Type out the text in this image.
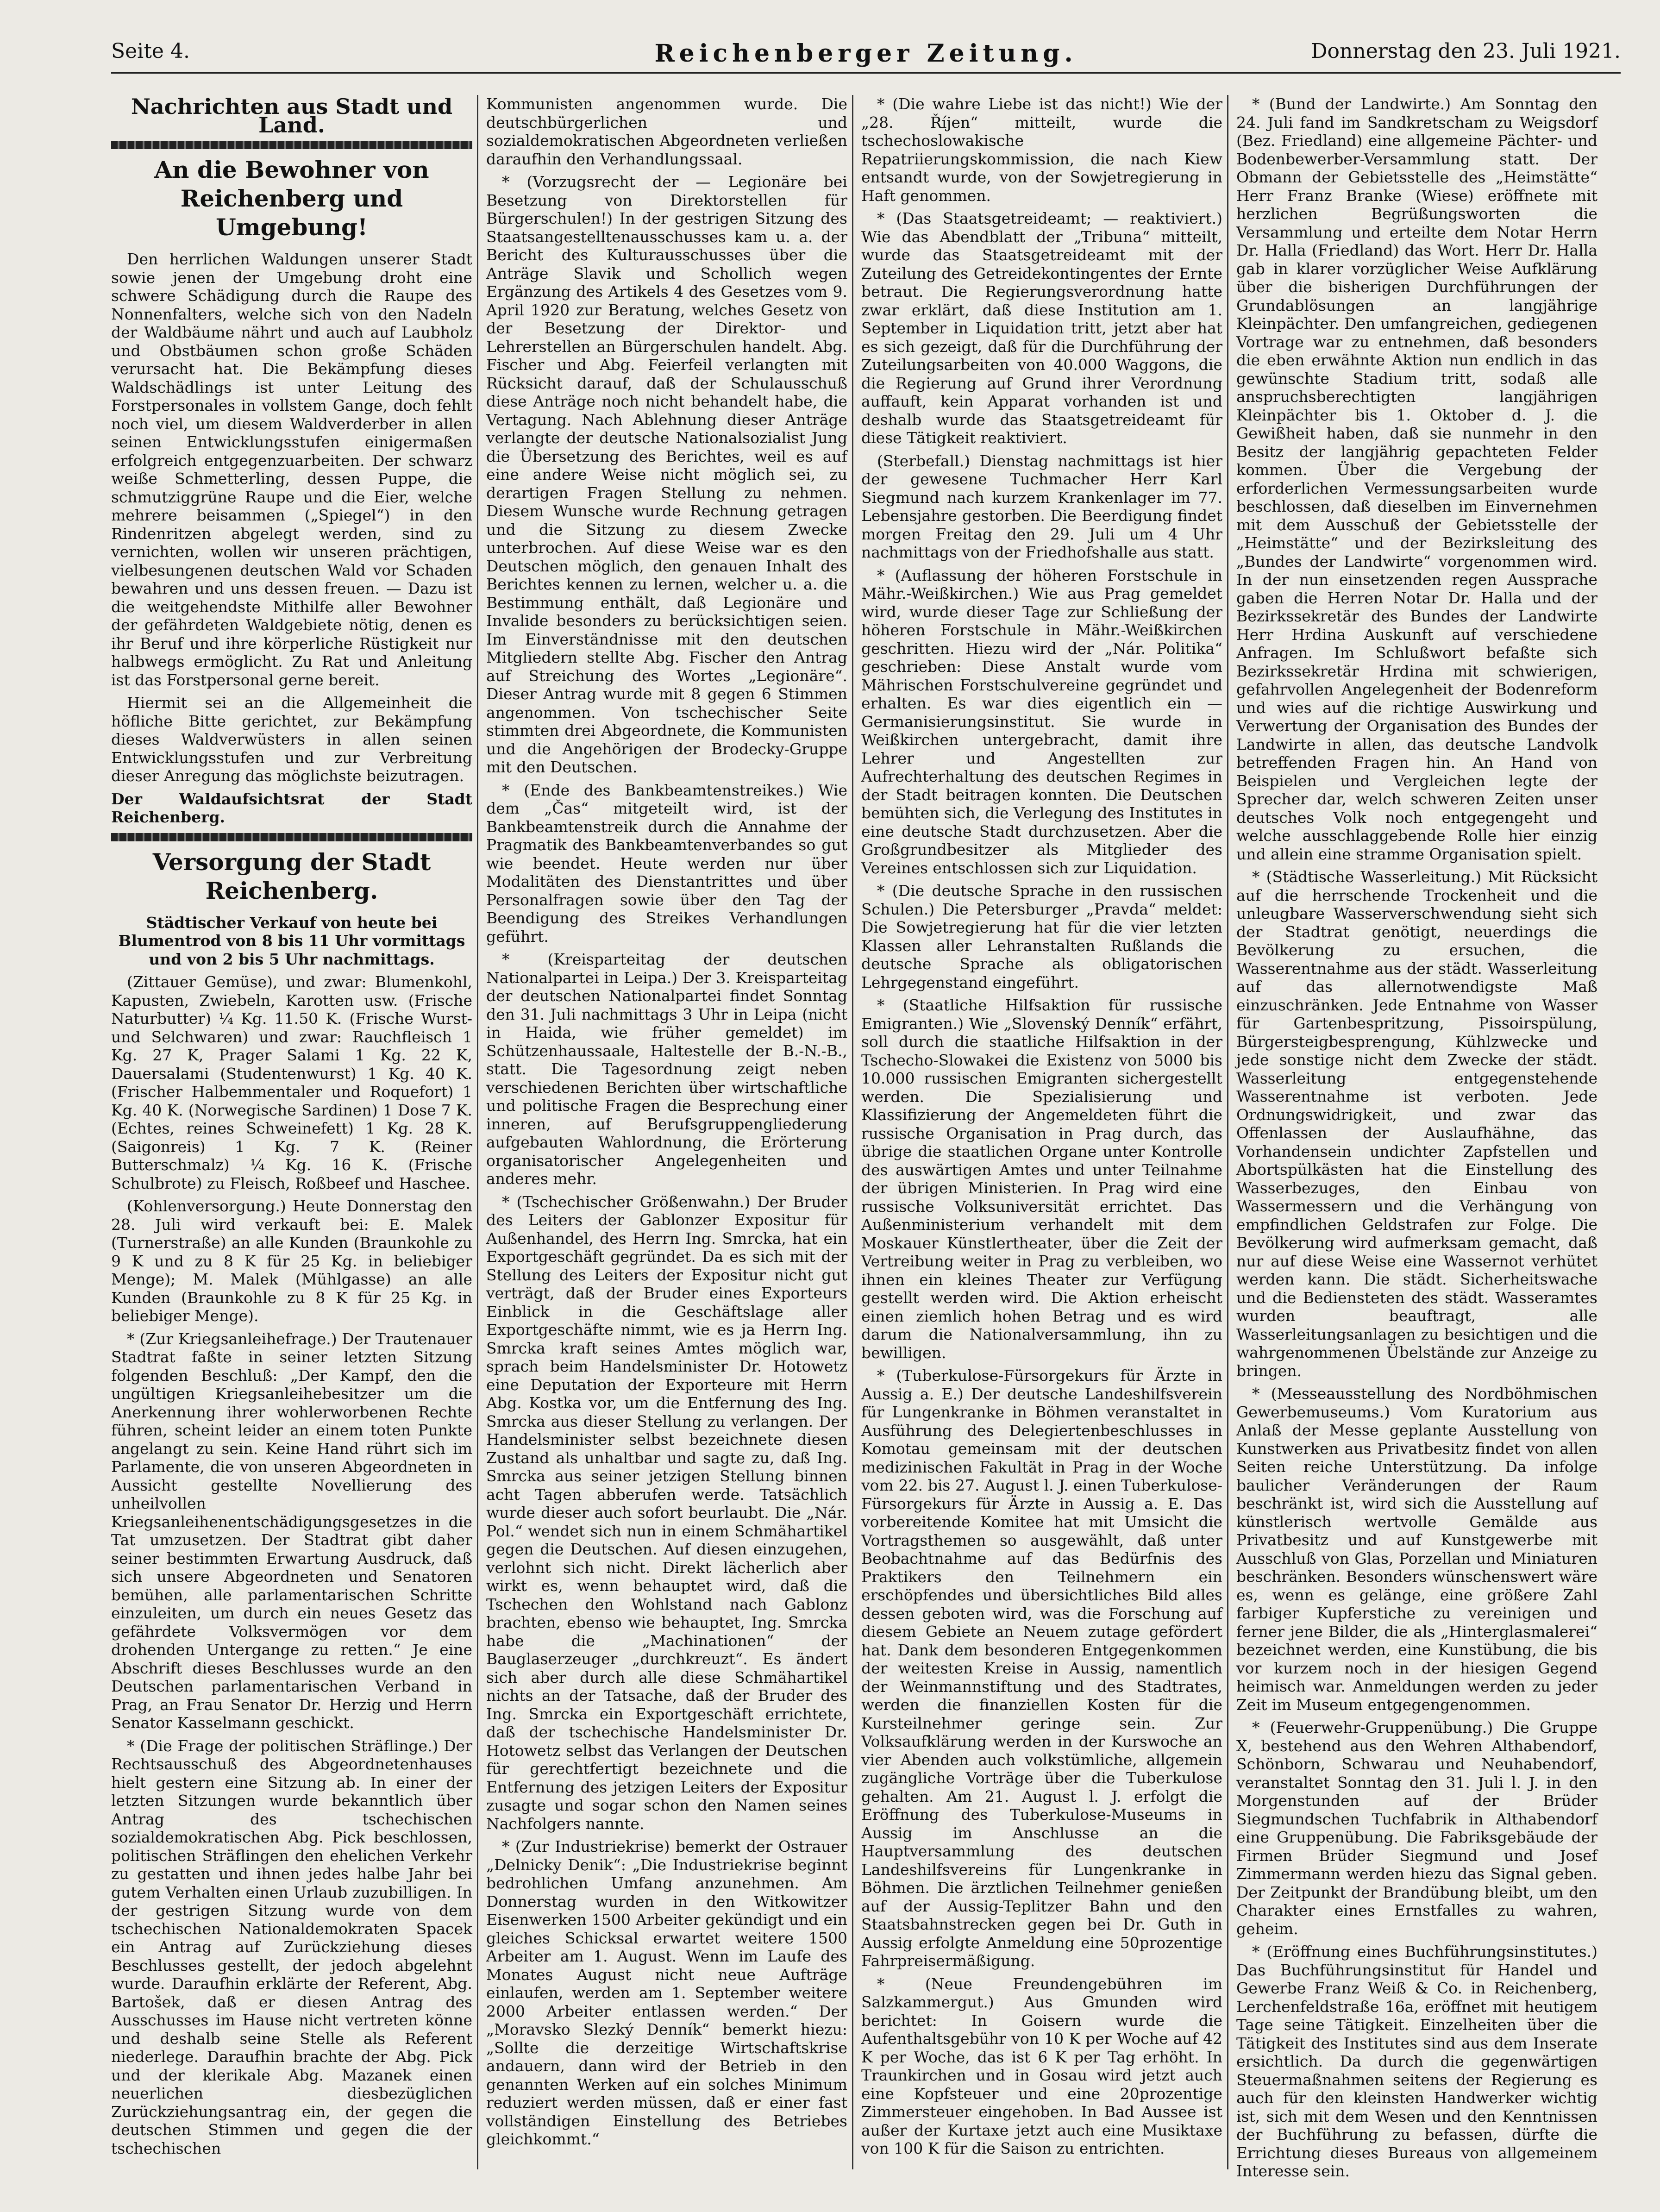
Seite 4.	Reichenberger Zeitung.	Donnerstag den 23. Juli 1921.
Nachrichten aus Stadt und Land.
An die Bewohner von Reichenberg und Umgebung!

Den herrlichen Waldungen unserer Stadt sowie jenen der Umgebung droht eine schwere Schädigung durch die Raupe des Nonnenfalters, welche sich von den Nadeln der Waldbäume nährt und auch auf Laubholz und Obstbäumen schon große Schäden verursacht hat. Die Bekämpfung dieses Waldschädlings ist unter Leitung des Forstpersonales in vollstem Gange, doch fehlt noch viel, um diesem Waldverderber in allen seinen Entwicklungsstufen einigermaßen erfolgreich entgegenzuarbeiten. Der schwarz weiße Schmetterling, dessen Puppe, die schmutziggrüne Raupe und die Eier, welche mehrere beisammen („Spiegel“) in den Rindenritzen abgelegt werden, sind zu vernichten, wollen wir unseren prächtigen, vielbesungenen deutschen Wald vor Schaden bewahren und uns dessen freuen. — Dazu ist die weitgehendste Mithilfe aller Bewohner der gefährdeten Waldgebiete nötig, denen es ihr Beruf und ihre körperliche Rüstigkeit nur halbwegs ermöglicht. Zu Rat und Anleitung ist das Forstpersonal gerne bereit.

Hiermit sei an die Allgemeinheit die höfliche Bitte gerichtet, zur Bekämpfung dieses Waldverwüsters in allen seinen Entwicklungsstufen und zur Verbreitung dieser Anregung das möglichste beizutragen.

Der Waldaufsichtsrat der Stadt Reichenberg.
Versorgung der Stadt Reichenberg.
Städtischer Verkauf von heute bei Blumentrod von 8 bis 11 Uhr vormittags und von 2 bis 5 Uhr nachmittags.

(Zittauer Gemüse), und zwar: Blumenkohl, Kapusten, Zwiebeln, Karotten usw. (Frische Naturbutter) ¼ Kg. 11.50 K. (Frische Wurst- und Selchwaren) und zwar: Rauchfleisch 1 Kg. 27 K, Prager Salami 1 Kg. 22 K, Dauersalami (Studentenwurst) 1 Kg. 40 K. (Frischer Halbemmentaler und Roquefort) 1 Kg. 40 K. (Norwegische Sardinen) 1 Dose 7 K. (Echtes, reines Schweinefett) 1 Kg. 28 K. (Saigonreis) 1 Kg. 7 K. (Reiner Butterschmalz) ¼ Kg. 16 K. (Frische Schulbrote) zu Fleisch, Roßbeef und Haschee.

(Kohlenversorgung.) Heute Donnerstag den 28. Juli wird verkauft bei: E. Malek (Turnerstraße) an alle Kunden (Braunkohle zu 9 K und zu 8 K für 25 Kg. in beliebiger Menge); M. Malek (Mühlgasse) an alle Kunden (Braunkohle zu 8 K für 25 Kg. in beliebiger Menge).

* (Zur Kriegsanleihefrage.) Der Trautenauer Stadtrat faßte in seiner letzten Sitzung folgenden Beschluß: „Der Kampf, den die ungültigen Kriegsanleihebesitzer um die Anerkennung ihrer wohlerworbenen Rechte führen, scheint leider an einem toten Punkte angelangt zu sein. Keine Hand rührt sich im Parlamente, die von unseren Abgeordneten in Aussicht gestellte Novellierung des unheilvollen Kriegsanleihenentschädigungsgesetzes in die Tat umzusetzen. Der Stadtrat gibt daher seiner bestimmten Erwartung Ausdruck, daß sich unsere Abgeordneten und Senatoren bemühen, alle parlamentarischen Schritte einzuleiten, um durch ein neues Gesetz das gefährdete Volksvermögen vor dem drohenden Untergange zu retten.“ Je eine Abschrift dieses Beschlusses wurde an den Deutschen parlamentarischen Verband in Prag, an Frau Senator Dr. Herzig und Herrn Senator Kasselmann geschickt.

* (Die Frage der politischen Sträflinge.) Der Rechtsausschuß des Abgeordnetenhauses hielt gestern eine Sitzung ab. In einer der letzten Sitzungen wurde bekanntlich über Antrag des tschechischen sozialdemokratischen Abg. Pick beschlossen, politischen Sträflingen den ehelichen Verkehr zu gestatten und ihnen jedes halbe Jahr bei gutem Verhalten einen Urlaub zuzubilligen. In der gestrigen Sitzung wurde von dem tschechischen Nationaldemokraten Spacek ein Antrag auf Zurückziehung dieses Beschlusses gestellt, der jedoch abgelehnt wurde. Daraufhin erklärte der Referent, Abg. Bartošek, daß er diesen Antrag des Ausschusses im Hause nicht vertreten könne und deshalb seine Stelle als Referent niederlege. Daraufhin brachte der Abg. Pick und der klerikale Abg. Mazanek einen neuerlichen diesbezüglichen Zurückziehungsantrag ein, der gegen die deutschen Stimmen und gegen die der tschechischen

Kommunisten angenommen wurde. Die deutschbürgerlichen und sozialdemokratischen Abgeordneten verließen daraufhin den Verhandlungssaal.

* (Vorzugsrecht der — Legionäre bei Besetzung von Direktorstellen für Bürgerschulen!) In der gestrigen Sitzung des Staatsangestelltenausschusses kam u. a. der Bericht des Kulturausschusses über die Anträge Slavik und Schollich wegen Ergänzung des Artikels 4 des Gesetzes vom 9. April 1920 zur Beratung, welches Gesetz von der Besetzung der Direktor- und Lehrerstellen an Bürgerschulen handelt. Abg. Fischer und Abg. Feierfeil verlangten mit Rücksicht darauf, daß der Schulausschuß diese Anträge noch nicht behandelt habe, die Vertagung. Nach Ablehnung dieser Anträge verlangte der deutsche Nationalsozialist Jung die Übersetzung des Berichtes, weil es auf eine andere Weise nicht möglich sei, zu derartigen Fragen Stellung zu nehmen. Diesem Wunsche wurde Rechnung getragen und die Sitzung zu diesem Zwecke unterbrochen. Auf diese Weise war es den Deutschen möglich, den genauen Inhalt des Berichtes kennen zu lernen, welcher u. a. die Bestimmung enthält, daß Legionäre und Invalide besonders zu berücksichtigen seien. Im Einverständnisse mit den deutschen Mitgliedern stellte Abg. Fischer den Antrag auf Streichung des Wortes „Legionäre“. Dieser Antrag wurde mit 8 gegen 6 Stimmen angenommen. Von tschechischer Seite stimmten drei Abgeordnete, die Kommunisten und die Angehörigen der Brodecky-Gruppe mit den Deutschen.

* (Ende des Bankbeamtenstreikes.) Wie dem „Čas“ mitgeteilt wird, ist der Bankbeamtenstreik durch die Annahme der Pragmatik des Bankbeamtenverbandes so gut wie beendet. Heute werden nur über Modalitäten des Dienstantrittes und über Personalfragen sowie über den Tag der Beendigung des Streikes Verhandlungen geführt.

* (Kreisparteitag der deutschen Nationalpartei in Leipa.) Der 3. Kreisparteitag der deutschen Nationalpartei findet Sonntag den 31. Juli nachmittags 3 Uhr in Leipa (nicht in Haida, wie früher gemeldet) im Schützenhaussaale, Haltestelle der B.-N.-B., statt. Die Tagesordnung zeigt neben verschiedenen Berichten über wirtschaftliche und politische Fragen die Besprechung einer inneren, auf Berufsgruppengliederung aufgebauten Wahlordnung, die Erörterung organisatorischer Angelegenheiten und anderes mehr.

* (Tschechischer Größenwahn.) Der Bruder des Leiters der Gablonzer Expositur für Außenhandel, des Herrn Ing. Smrcka, hat ein Exportgeschäft gegründet. Da es sich mit der Stellung des Leiters der Expositur nicht gut verträgt, daß der Bruder eines Exporteurs Einblick in die Geschäftslage aller Exportgeschäfte nimmt, wie es ja Herrn Ing. Smrcka kraft seines Amtes möglich war, sprach beim Handelsminister Dr. Hotowetz eine Deputation der Exporteure mit Herrn Abg. Kostka vor, um die Entfernung des Ing. Smrcka aus dieser Stellung zu verlangen. Der Handelsminister selbst bezeichnete diesen Zustand als unhaltbar und sagte zu, daß Ing. Smrcka aus seiner jetzigen Stellung binnen acht Tagen abberufen werde. Tatsächlich wurde dieser auch sofort beurlaubt. Die „Nár. Pol.“ wendet sich nun in einem Schmähartikel gegen die Deutschen. Auf diesen einzugehen, verlohnt sich nicht. Direkt lächerlich aber wirkt es, wenn behauptet wird, daß die Tschechen den Wohlstand nach Gablonz brachten, ebenso wie behauptet, Ing. Smrcka habe die „Machinationen“ der Bauglaserzeuger „durchkreuzt“. Es ändert sich aber durch alle diese Schmähartikel nichts an der Tatsache, daß der Bruder des Ing. Smrcka ein Exportgeschäft errichtete, daß der tschechische Handelsminister Dr. Hotowetz selbst das Verlangen der Deutschen für gerechtfertigt bezeichnete und die Entfernung des jetzigen Leiters der Expositur zusagte und sogar schon den Namen seines Nachfolgers nannte.

* (Zur Industriekrise) bemerkt der Ostrauer „Delnicky Denik“: „Die Industriekrise beginnt bedrohlichen Umfang anzunehmen. Am Donnerstag wurden in den Witkowitzer Eisenwerken 1500 Arbeiter gekündigt und ein gleiches Schicksal erwartet weitere 1500 Arbeiter am 1. August. Wenn im Laufe des Monates August nicht neue Aufträge einlaufen, werden am 1. September weitere 2000 Arbeiter entlassen werden.“ Der „Moravsko Slezký Denník“ bemerkt hiezu: „Sollte die derzeitige Wirtschaftskrise andauern, dann wird der Betrieb in den genannten Werken auf ein solches Minimum reduziert werden müssen, daß er einer fast vollständigen Einstellung des Betriebes gleichkommt.“

* (Die wahre Liebe ist das nicht!) Wie der „28. Říjen“ mitteilt, wurde die tschechoslowakische Repatriierungskommission, die nach Kiew entsandt wurde, von der Sowjetregierung in Haft genommen.

* (Das Staatsgetreideamt; — reaktiviert.) Wie das Abendblatt der „Tribuna“ mitteilt, wurde das Staatsgetreideamt mit der Zuteilung des Getreidekontingentes der Ernte betraut. Die Regierungsverordnung hatte zwar erklärt, daß diese Institution am 1. September in Liquidation tritt, jetzt aber hat es sich gezeigt, daß für die Durchführung der Zuteilungsarbeiten von 40.000 Waggons, die die Regierung auf Grund ihrer Verordnung auffauft, kein Apparat vorhanden ist und deshalb wurde das Staatsgetreideamt für diese Tätigkeit reaktiviert.

(Sterbefall.) Dienstag nachmittags ist hier der gewesene Tuchmacher Herr Karl Siegmund nach kurzem Krankenlager im 77. Lebensjahre gestorben. Die Beerdigung findet morgen Freitag den 29. Juli um 4 Uhr nachmittags von der Friedhofshalle aus statt.

* (Auflassung der höheren Forstschule in Mähr.-Weißkirchen.) Wie aus Prag gemeldet wird, wurde dieser Tage zur Schließung der höheren Forstschule in Mähr.-Weißkirchen geschritten. Hiezu wird der „Nár. Politika“ geschrieben: Diese Anstalt wurde vom Mährischen Forstschulvereine gegründet und erhalten. Es war dies eigentlich ein — Germanisierungsinstitut. Sie wurde in Weißkirchen untergebracht, damit ihre Lehrer und Angestellten zur Aufrechterhaltung des deutschen Regimes in der Stadt beitragen konnten. Die Deutschen bemühten sich, die Verlegung des Institutes in eine deutsche Stadt durchzusetzen. Aber die Großgrundbesitzer als Mitglieder des Vereines entschlossen sich zur Liquidation.

* (Die deutsche Sprache in den russischen Schulen.) Die Petersburger „Pravda“ meldet: Die Sowjetregierung hat für die vier letzten Klassen aller Lehranstalten Rußlands die deutsche Sprache als obligatorischen Lehrgegenstand eingeführt.

* (Staatliche Hilfsaktion für russische Emigranten.) Wie „Slovenský Denník“ erfährt, soll durch die staatliche Hilfsaktion in der Tschecho-Slowakei die Existenz von 5000 bis 10.000 russischen Emigranten sichergestellt werden. Die Spezialisierung und Klassifizierung der Angemeldeten führt die russische Organisation in Prag durch, das übrige die staatlichen Organe unter Kontrolle des auswärtigen Amtes und unter Teilnahme der übrigen Ministerien. In Prag wird eine russische Volksuniversität errichtet. Das Außenministerium verhandelt mit dem Moskauer Künstlertheater, über die Zeit der Vertreibung weiter in Prag zu verbleiben, wo ihnen ein kleines Theater zur Verfügung gestellt werden wird. Die Aktion erheischt einen ziemlich hohen Betrag und es wird darum die Nationalversammlung, ihn zu bewilligen.

* (Tuberkulose-Fürsorgekurs für Ärzte in Aussig a. E.) Der deutsche Landeshilfsverein für Lungenkranke in Böhmen veranstaltet in Ausführung des Delegiertenbeschlusses in Komotau gemeinsam mit der deutschen medizinischen Fakultät in Prag in der Woche vom 22. bis 27. August l. J. einen Tuberkulose-Fürsorgekurs für Ärzte in Aussig a. E. Das vorbereitende Komitee hat mit Umsicht die Vortragsthemen so ausgewählt, daß unter Beobachtnahme auf das Bedürfnis des Praktikers den Teilnehmern ein erschöpfendes und übersichtliches Bild alles dessen geboten wird, was die Forschung auf diesem Gebiete an Neuem zutage gefördert hat. Dank dem besonderen Entgegenkommen der weitesten Kreise in Aussig, namentlich der Weinmannstiftung und des Stadtrates, werden die finanziellen Kosten für die Kursteilnehmer geringe sein. Zur Volksaufklärung werden in der Kurswoche an vier Abenden auch volkstümliche, allgemein zugängliche Vorträge über die Tuberkulose gehalten. Am 21. August l. J. erfolgt die Eröffnung des Tuberkulose-Museums in Aussig im Anschlusse an die Hauptversammlung des deutschen Landeshilfsvereins für Lungenkranke in Böhmen. Die ärztlichen Teilnehmer genießen auf der Aussig-Teplitzer Bahn und den Staatsbahnstrecken gegen bei Dr. Guth in Aussig erfolgte Anmeldung eine 50prozentige Fahrpreisermäßigung.

* (Neue Freundengebühren im Salzkammergut.) Aus Gmunden wird berichtet: In Goisern wurde die Aufenthaltsgebühr von 10 K per Woche auf 42 K per Woche, das ist 6 K per Tag erhöht. In Traunkirchen und in Gosau wird jetzt auch eine Kopfsteuer und eine 20prozentige Zimmersteuer eingehoben. In Bad Aussee ist außer der Kurtaxe jetzt auch eine Musiktaxe von 100 K für die Saison zu entrichten.

* (Bund der Landwirte.) Am Sonntag den 24. Juli fand im Sandkretscham zu Weigsdorf (Bez. Friedland) eine allgemeine Pächter- und Bodenbewerber-Versammlung statt. Der Obmann der Gebietsstelle des „Heimstätte“ Herr Franz Branke (Wiese) eröffnete mit herzlichen Begrüßungsworten die Versammlung und erteilte dem Notar Herrn Dr. Halla (Friedland) das Wort. Herr Dr. Halla gab in klarer vorzüglicher Weise Aufklärung über die bisherigen Durchführungen der Grundablösungen an langjährige Kleinpächter. Den umfangreichen, gediegenen Vortrage war zu entnehmen, daß besonders die eben erwähnte Aktion nun endlich in das gewünschte Stadium tritt, sodaß alle anspruchsberechtigten langjährigen Kleinpächter bis 1. Oktober d. J. die Gewißheit haben, daß sie nunmehr in den Besitz der langjährig gepachteten Felder kommen. Über die Vergebung der erforderlichen Vermessungsarbeiten wurde beschlossen, daß dieselben im Einvernehmen mit dem Ausschuß der Gebietsstelle der „Heimstätte“ und der Bezirksleitung des „Bundes der Landwirte“ vorgenommen wird. In der nun einsetzenden regen Aussprache gaben die Herren Notar Dr. Halla und der Bezirkssekretär des Bundes der Landwirte Herr Hrdina Auskunft auf verschiedene Anfragen. Im Schlußwort befaßte sich Bezirkssekretär Hrdina mit schwierigen, gefahrvollen Angelegenheit der Bodenreform und wies auf die richtige Auswirkung und Verwertung der Organisation des Bundes der Landwirte in allen, das deutsche Landvolk betreffenden Fragen hin. An Hand von Beispielen und Vergleichen legte der Sprecher dar, welch schweren Zeiten unser deutsches Volk noch entgegengeht und welche ausschlaggebende Rolle hier einzig und allein eine stramme Organisation spielt.

* (Städtische Wasserleitung.) Mit Rücksicht auf die herrschende Trockenheit und die unleugbare Wasserverschwendung sieht sich der Stadtrat genötigt, neuerdings die Bevölkerung zu ersuchen, die Wasserentnahme aus der städt. Wasserleitung auf das allernotwendigste Maß einzuschränken. Jede Entnahme von Wasser für Gartenbespritzung, Pissoirspülung, Bürgersteigbesprengung, Kühlzwecke und jede sonstige nicht dem Zwecke der städt. Wasserleitung entgegenstehende Wasserentnahme ist verboten. Jede Ordnungswidrigkeit, und zwar das Offenlassen der Auslaufhähne, das Vorhandensein undichter Zapfstellen und Abortspülkästen hat die Einstellung des Wasserbezuges, den Einbau von Wassermessern und die Verhängung von empfindlichen Geldstrafen zur Folge. Die Bevölkerung wird aufmerksam gemacht, daß nur auf diese Weise eine Wassernot verhütet werden kann. Die städt. Sicherheitswache und die Bediensteten des städt. Wasseramtes wurden beauftragt, alle Wasserleitungsanlagen zu besichtigen und die wahrgenommenen Übelstände zur Anzeige zu bringen.

* (Messeausstellung des Nordböhmischen Gewerbemuseums.) Vom Kuratorium aus Anlaß der Messe geplante Ausstellung von Kunstwerken aus Privatbesitz findet von allen Seiten reiche Unterstützung. Da infolge baulicher Veränderungen der Raum beschränkt ist, wird sich die Ausstellung auf künstlerisch wertvolle Gemälde aus Privatbesitz und auf Kunstgewerbe mit Ausschluß von Glas, Porzellan und Miniaturen beschränken. Besonders wünschenswert wäre es, wenn es gelänge, eine größere Zahl farbiger Kupferstiche zu vereinigen und ferner jene Bilder, die als „Hinterglasmalerei“ bezeichnet werden, eine Kunstübung, die bis vor kurzem noch in der hiesigen Gegend heimisch war. Anmeldungen werden zu jeder Zeit im Museum entgegengenommen.

* (Feuerwehr-Gruppenübung.) Die Gruppe X, bestehend aus den Wehren Althabendorf, Schönborn, Schwarau und Neuhabendorf, veranstaltet Sonntag den 31. Juli l. J. in den Morgenstunden auf der Brüder Siegmundschen Tuchfabrik in Althabendorf eine Gruppenübung. Die Fabriksgebäude der Firmen Brüder Siegmund und Josef Zimmermann werden hiezu das Signal geben. Der Zeitpunkt der Brandübung bleibt, um den Charakter eines Ernstfalles zu wahren, geheim.

* (Eröffnung eines Buchführungsinstitutes.) Das Buchführungsinstitut für Handel und Gewerbe Franz Weiß & Co. in Reichenberg, Lerchenfeldstraße 16a, eröffnet mit heutigem Tage seine Tätigkeit. Einzelheiten über die Tätigkeit des Institutes sind aus dem Inserate ersichtlich. Da durch die gegenwärtigen Steuermaßnahmen seitens der Regierung es auch für den kleinsten Handwerker wichtig ist, sich mit dem Wesen und den Kenntnissen der Buchführung zu befassen, dürfte die Errichtung dieses Bureaus von allgemeinem Interesse sein.
